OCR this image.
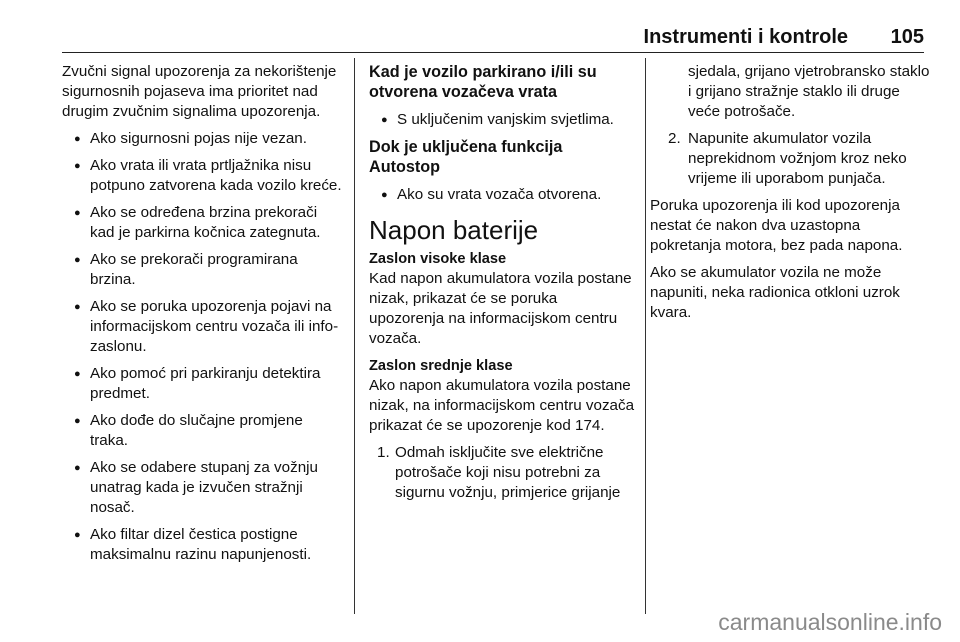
Instrumenti i kontrole 105

Zvučni signal upozorenja za nekorištenje sigurnosnih pojaseva ima prioritet nad drugim zvučnim signalima upozorenja.

● Ako sigurnosni pojas nije vezan.
● Ako vrata ili vrata prtljažnika nisu potpuno zatvorena kada vozilo kreće.
● Ako se određena brzina prekorači kad je parkirna kočnica zategnuta.
● Ako se prekorači programirana brzina.
● Ako se poruka upozorenja pojavi na informacijskom centru vozača ili info-zaslonu.
● Ako pomoć pri parkiranju detektira predmet.
● Ako dođe do slučajne promjene traka.
● Ako se odabere stupanj za vožnju unatrag kada je izvučen stražnji nosač.
● Ako filtar dizel čestica postigne maksimalnu razinu napunjenosti.
Kad je vozilo parkirano i/ili su otvorena vozačeva vrata
● S uključenim vanjskim svjetlima.
Dok je uključena funkcija Autostop
● Ako su vrata vozača otvorena.
Napon baterije
Zaslon visoke klase

Kad napon akumulatora vozila postane nizak, prikazat će se poruka upozorenja na informacijskom centru vozača.

Zaslon srednje klase

Ako napon akumulatora vozila postane nizak, na informacijskom centru vozača prikazat će se upozorenje kod 174.

1. Odmah isključite sve električne potrošače koji nisu potrebni za sigurnu vožnju, primjerice grijanje

sjedala, grijano vjetrobransko staklo i grijano stražnje staklo ili druge veće potrošače.

2. Napunite akumulator vozila neprekidnom vožnjom kroz neko vrijeme ili uporabom punjača.

Poruka upozorenja ili kod upozorenja nestat će nakon dva uzastopna pokretanja motora, bez pada napona.

Ako se akumulator vozila ne može napuniti, neka radionica otkloni uzrok kvara.

carmanualsonline.info
